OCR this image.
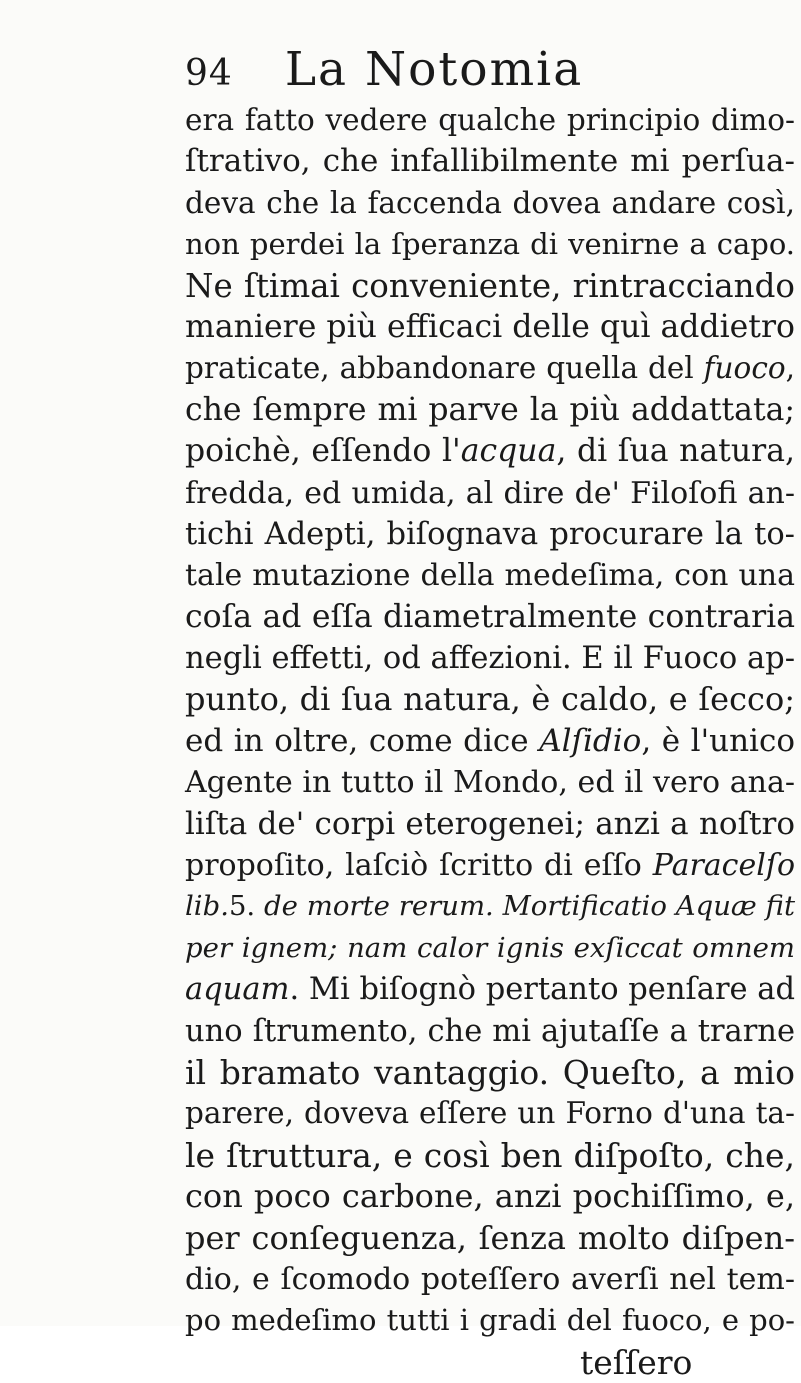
94 La Notomia
era fatto vedere qualche principio dimo-
ſtrativo, che infallibilmente mi perſua-
deva che la faccenda dovea andare così,
non perdei la ſperanza di venirne a capo.
Ne ſtimai conveniente, rintracciando
maniere più efficaci delle quì addietro
praticate, abbandonare quella del fuoco,
che ſempre mi parve la più addattata;
poichè, eſſendo l'acqua, di ſua natura,
fredda, ed umida, al dire de' Filoſofi an-
tichi Adepti, biſognava procurare la to-
tale mutazione della medeſima, con una
coſa ad eſſa diametralmente contraria
negli effetti, od affezioni. E il Fuoco ap-
punto, di ſua natura, è caldo, e ſecco;
ed in oltre, come dice Alſidio, è l'unico
Agente in tutto il Mondo, ed il vero ana-
liſta de' corpi eterogenei; anzi a noſtro
propoſito, laſciò ſcritto di eſſo Paracelſo
lib.5. de morte rerum. Mortificatio Aquæ fit
per ignem; nam calor ignis exſiccat omnem
aquam. Mi biſognò pertanto penſare ad
uno ſtrumento, che mi ajutaſſe a trarne
il bramato vantaggio. Queſto, a mio
parere, doveva eſſere un Forno d'una ta-
le ſtruttura, e così ben diſpoſto, che,
con poco carbone, anzi pochiſſimo, e,
per conſeguenza, ſenza molto diſpen-
dio, e ſcomodo poteſſero averſi nel tem-
po medeſimo tutti i gradi del fuoco, e po-
teſſero
